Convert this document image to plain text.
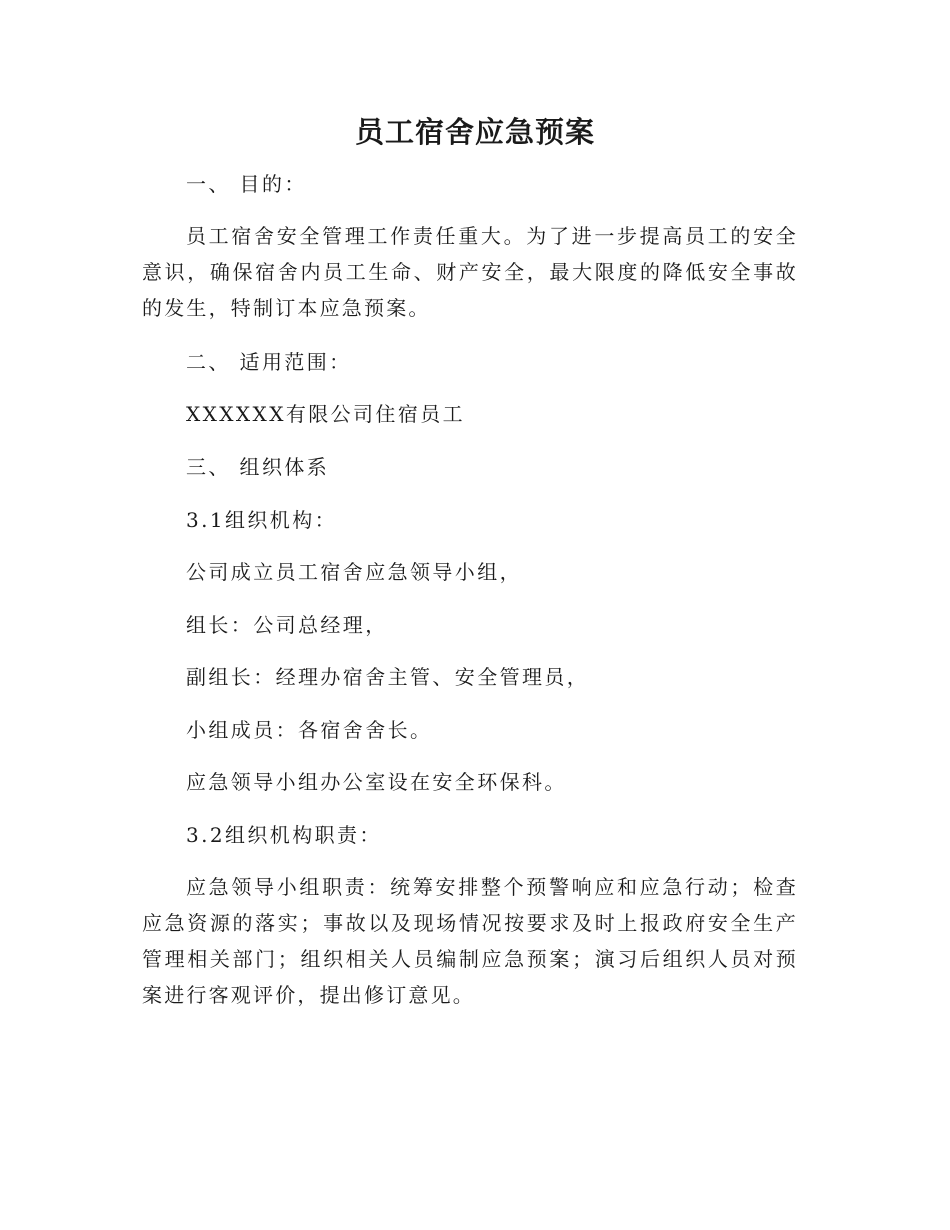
员工宿舍应急预案

一、 目的：

员工宿舍安全管理工作责任重大。为了进一步提高员工的安全意识，确保宿舍内员工生命、财产安全，最大限度的降低安全事故的发生，特制订本应急预案。

二、 适用范围：

XXXXXX有限公司住宿员工

三、 组织体系

3.1组织机构：

公司成立员工宿舍应急领导小组，

组长：公司总经理，

副组长：经理办宿舍主管、安全管理员，

小组成员：各宿舍舍长。

应急领导小组办公室设在安全环保科。

3.2组织机构职责：

应急领导小组职责：统筹安排整个预警响应和应急行动；检查应急资源的落实；事故以及现场情况按要求及时上报政府安全生产管理相关部门；组织相关人员编制应急预案；演习后组织人员对预案进行客观评价，提出修订意见。
